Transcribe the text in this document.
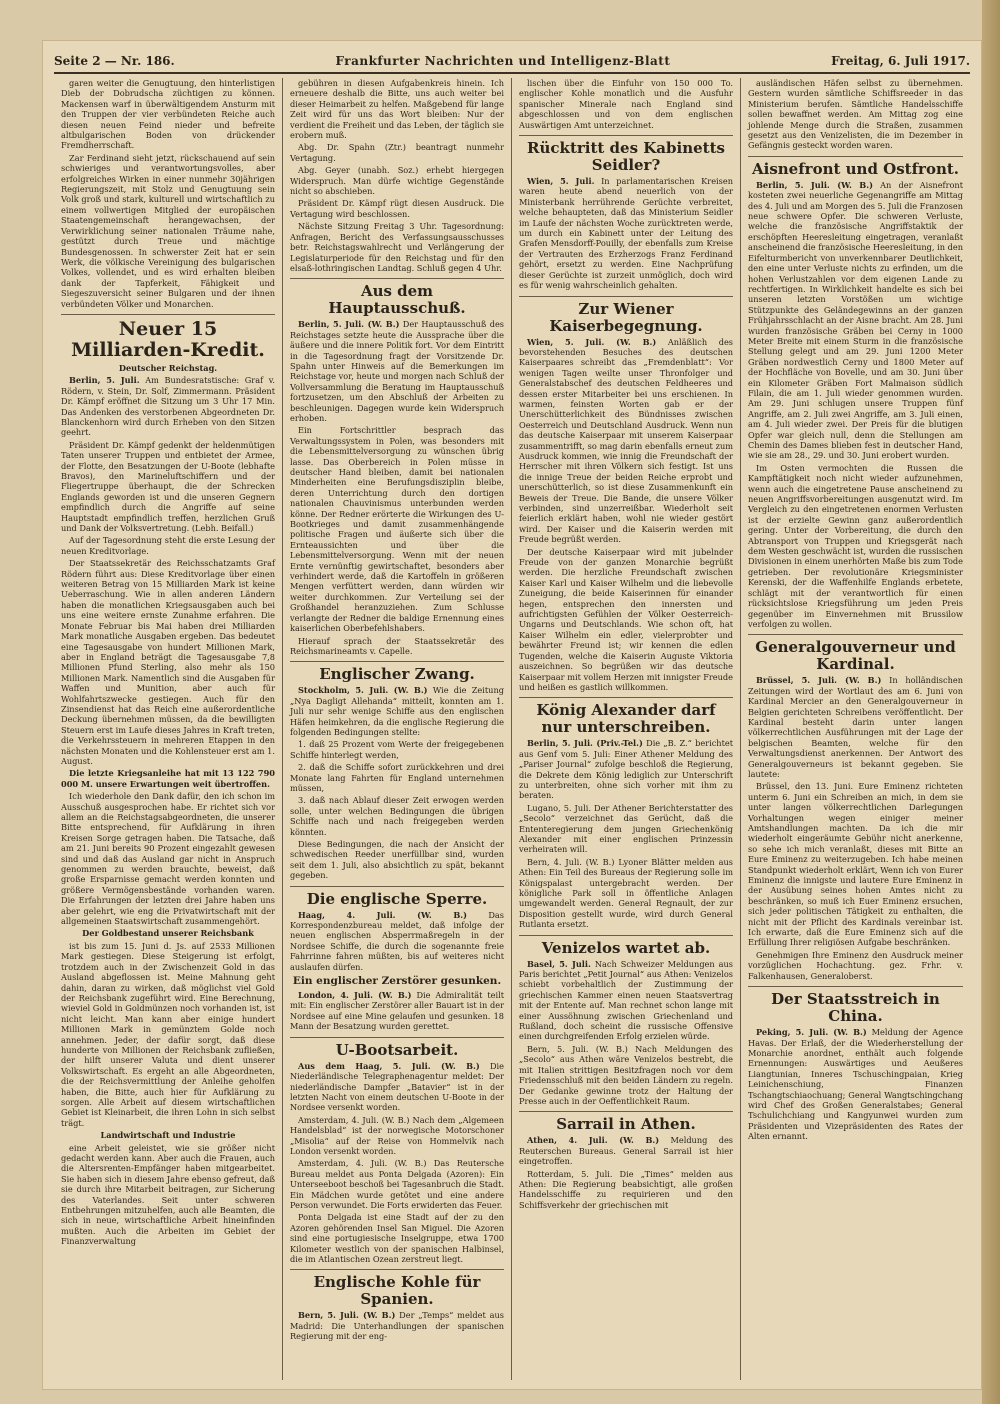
Seite 2 — Nr. 186.	Frankfurter Nachrichten und Intelligenz-Blatt	Freitag, 6. Juli 1917.

garen weiter die Genugtuung, den hinterlistigen Dieb der Dobrudscha züchtigen zu können. Mackensen warf in überwältigendem Ansturm mit den Truppen der vier verbündeten Reiche auch diesen neuen Feind nieder und befreite altbulgarischen Boden von drückender Fremdherrschaft.

Zar Ferdinand sieht jetzt, rückschauend auf sein schwieriges und verantwortungsvolles, aber erfolgreiches Wirken in einer nunmehr 30jährigen Regierungszeit, mit Stolz und Genugtuung sein Volk groß und stark, kulturell und wirtschaftlich zu einem vollwertigen Mitglied der europäischen Staatengemeinschaft herangewachsen, der Verwirklichung seiner nationalen Träume nahe, gestützt durch Treue und mächtige Bundesgenossen. In schwerster Zeit hat er sein Werk, die völkische Vereinigung des bulgarischen Volkes, vollendet, und es wird erhalten bleiben dank der Tapferkeit, Fähigkeit und Siegeszuversicht seiner Bulgaren und der ihnen verbündeten Völker und Monarchen.

Neuer 15 Milliarden-Kredit.
Deutscher Reichstag.

Berlin, 5. Juli. Am Bundesratstische: Graf v. Rödern, v. Stein, Dr. Solf, Zimmermann. Präsident Dr. Kämpf eröffnet die Sitzung um 3 Uhr 17 Min. Das Andenken des verstorbenen Abgeordneten Dr. Blanckenhorn wird durch Erheben von den Sitzen geehrt.

Präsident Dr. Kämpf gedenkt der heldenmütigen Taten unserer Truppen und entbietet der Armee, der Flotte, den Besatzungen der U-Boote (lebhafte Bravos), den Marineluftschiffern und der Fliegertruppe überhaupt, die der Schrecken Englands geworden ist und die unseren Gegnern empfindlich durch die Angriffe auf seine Hauptstadt empfindlich treffen, herzlichen Gruß und Dank der Volksvertretung. (Lebh. Beifall.)

Auf der Tagesordnung steht die erste Lesung der neuen Kreditvorlage.

Der Staatssekretär des Reichsschatzamts Graf Rödern führt aus: Diese Kreditvorlage über einen weiteren Betrag von 15 Milliarden Mark ist keine Ueberraschung. Wie in allen anderen Ländern haben die monatlichen Kriegsausgaben auch bei uns eine weitere ernste Zunahme erfahren. Die Monate Februar bis Mai haben drei Milliarden Mark monatliche Ausgaben ergeben. Das bedeutet eine Tagesausgabe von hundert Millionen Mark, aber in England beträgt die Tagesausgabe 7,8 Millionen Pfund Sterling, also mehr als 150 Millionen Mark. Namentlich sind die Ausgaben für Waffen und Munition, aber auch für Wohlfahrtszwecke gestiegen. Auch für den Zinsendienst hat das Reich eine außerordentliche Deckung übernehmen müssen, da die bewilligten Steuern erst im Laufe dieses Jahres in Kraft treten, die Verkehrssteuern in mehreren Etappen in den nächsten Monaten und die Kohlensteuer erst am 1. August.

Die letzte Kriegsanleihe hat mit 13 122 790 000 M. unsere Erwartungen weit übertroffen.

Ich wiederhole den Dank dafür, den ich schon im Ausschuß ausgesprochen habe. Er richtet sich vor allem an die Reichstagsabgeordneten, die unserer Bitte entsprechend, für Aufklärung in ihren Kreisen Sorge getragen haben. Die Tatsache, daß am 21. Juni bereits 90 Prozent eingezahlt gewesen sind und daß das Ausland gar nicht in Anspruch genommen zu werden brauchte, beweist, daß große Ersparnisse gemacht werden konnten und größere Vermögensbestände vorhanden waren. Die Erfahrungen der letzten drei Jahre haben uns aber gelehrt, wie eng die Privatwirtschaft mit der allgemeinen Staatswirtschaft zusammengehört.

Der Goldbestand unserer Reichsbank

ist bis zum 15. Juni d. Js. auf 2533 Millionen Mark gestiegen. Diese Steigerung ist erfolgt, trotzdem auch in der Zwischenzeit Gold in das Ausland abgeflossen ist. Meine Mahnung geht dahin, daran zu wirken, daß möglichst viel Gold der Reichsbank zugeführt wird. Eine Berechnung, wieviel Gold in Goldmünzen noch vorhanden ist, ist nicht leicht. Man kann aber einige hundert Millionen Mark in gemünztem Golde noch annehmen. Jeder, der dafür sorgt, daß diese hunderte von Millionen der Reichsbank zufließen, der hilft unserer Valuta und dient unserer Volkswirtschaft. Es ergeht an alle Abgeordneten, die der Reichsvermittlung der Anleihe geholfen haben, die Bitte, auch hier für Aufklärung zu sorgen. Alle Arbeit auf diesem wirtschaftlichen Gebiet ist Kleinarbeit, die ihren Lohn in sich selbst trägt.

Landwirtschaft und Industrie

eine Arbeit geleistet, wie sie größer nicht gedacht werden kann. Aber auch die Frauen, auch die Altersrenten-Empfänger haben mitgearbeitet. Sie haben sich in diesem Jahre ebenso gefreut, daß sie durch ihre Mitarbeit beitragen, zur Sicherung des Vaterlandes. Seit unter schweren Entbehrungen mitzuhelfen, auch alle Beamten, die sich in neue, wirtschaftliche Arbeit hineinfinden mußten. Auch die Arbeiten im Gebiet der Finanzverwaltung

gebühren in diesen Aufgabenkreis hinein. Ich erneuere deshalb die Bitte, uns auch weiter bei dieser Heimarbeit zu helfen. Maßgebend für lange Zeit wird für uns das Wort bleiben: Nur der verdient die Freiheit und das Leben, der täglich sie erobern muß.

Abg. Dr. Spahn (Ztr.) beantragt nunmehr Vertagung.

Abg. Geyer (unabh. Soz.) erhebt hiergegen Widerspruch. Man dürfe wichtige Gegenstände nicht so abschieben.

Präsident Dr. Kämpf rügt diesen Ausdruck. Die Vertagung wird beschlossen.

Nächste Sitzung Freitag 3 Uhr. Tagesordnung: Anfragen, Bericht des Verfassungsausschusses betr. Reichstagswahlrecht und Verlängerung der Legislaturperiode für den Reichstag und für den elsaß-lothringischen Landtag. Schluß gegen 4 Uhr.

Aus dem Hauptausschuß.

Berlin, 5. Juli. (W. B.) Der Hauptausschuß des Reichstages setzte heute die Aussprache über die äußere und die innere Politik fort. Vor dem Eintritt in die Tagesordnung fragt der Vorsitzende Dr. Spahn unter Hinweis auf die Bemerkungen im Reichstage vor, heute und morgen nach Schluß der Vollversammlung die Beratung im Hauptausschuß fortzusetzen, um den Abschluß der Arbeiten zu beschleunigen. Dagegen wurde kein Widerspruch erhoben.

Ein Fortschrittler besprach das Verwaltungssystem in Polen, was besonders mit die Lebensmittelversorgung zu wünschen übrig lasse. Das Oberbereich in Polen müsse in deutscher Hand bleiben, damit bei nationalen Minderheiten eine Berufungsdisziplin bleibe, deren Unterrichtung durch den dortigen nationalen Chauvinismus unterbunden werden könne. Der Redner erörterte die Wirkungen des U-Bootkrieges und damit zusammenhängende politische Fragen und äußerte sich über die Ernteaussichten und über die Lebensmittelversorgung. Wenn mit der neuen Ernte vernünftig gewirtschaftet, besonders aber verhindert werde, daß die Kartoffeln in größeren Mengen verfüttert werden, dann würden wir weiter durchkommen. Zur Verteilung sei der Großhandel heranzuziehen. Zum Schlusse verlangte der Redner die baldige Ernennung eines kaiserlichen Oberbefehlshabers.

Hierauf sprach der Staatssekretär des Reichsmarineamts v. Capelle.

Englischer Zwang.

Stockholm, 5. Juli. (W. B.) Wie die Zeitung „Nya Dagligt Allehanda“ mitteilt, konnten am 1. Juli nur sehr wenige Schiffe aus den englischen Häfen heimkehren, da die englische Regierung die folgenden Bedingungen stellte:

1. daß 25 Prozent vom Werte der freigegebenen Schiffe hinterlegt werden,

2. daß die Schiffe sofort zurückkehren und drei Monate lang Fahrten für England unternehmen müssen,

3. daß nach Ablauf dieser Zeit erwogen werden solle, unter welchen Bedingungen die übrigen Schiffe nach und nach freigegeben werden könnten.

Diese Bedingungen, die nach der Ansicht der schwedischen Reeder unerfüllbar sind, wurden seit dem 1. Juli, also absichtlich zu spät, bekannt gegeben.

Die englische Sperre.

Haag, 4. Juli. (W. B.)	Das Korrespondenzbureau meldet, daß infolge der neuen englischen Absperrmaßregeln in der Nordsee Schiffe, die durch die sogenannte freie Fahrrinne fahren müßten, bis auf weiteres nicht auslaufen dürfen.

Ein englischer Zerstörer gesunken.

London, 4. Juli. (W. B.) Die Admiralität teilt mit: Ein englischer Zerstörer aller Bauart ist in der Nordsee auf eine Mine gelaufen und gesunken. 18 Mann der Besatzung wurden gerettet.

U-Bootsarbeit.

Aus dem Haag, 5. Juli. (W. B.) Die Niederländische Telegraphenagentur meldet: Der niederländische Dampfer „Batavier“ ist in der letzten Nacht von einem deutschen U-Boote in der Nordsee versenkt worden.

Amsterdam, 4. Juli. (W. B.) Nach dem „Algemeen Handelsblad“ ist der norwegische Motorschoner „Misolia“ auf der Reise von Hommelvik nach London versenkt worden.

Amsterdam, 4. Juli. (W. B.) Das Reutersche Bureau meldet aus Ponta Delgada (Azoren): Ein Unterseeboot beschoß bei Tagesanbruch die Stadt. Ein Mädchen wurde getötet und eine andere Person verwundet. Die Forts erwiderten das Feuer.

Ponta Delgada ist eine Stadt auf der zu den Azoren gehörenden Insel San Miguel. Die Azoren sind eine portugiesische Inselgruppe, etwa 1700 Kilometer westlich von der spanischen Halbinsel, die im Atlantischen Ozean zerstreut liegt.

Englische Kohle für Spanien.

Bern, 5. Juli. (W. B.) Der „Temps“ meldet aus Madrid: Die Unterhandlungen der spanischen Regierung mit der eng-

lischen über die Einfuhr von 150 000 To. englischer Kohle monatlich und die Ausfuhr spanischer Minerale nach England sind abgeschlossen und von dem englischen Auswärtigen Amt unterzeichnet.

Rücktritt des Kabinetts Seidler?

Wien, 5. Juli. In parlamentarischen Kreisen waren heute abend neuerlich von der Ministerbank herrührende Gerüchte verbreitet, welche behaupteten, daß das Ministerium Seidler im Laufe der nächsten Woche zurücktreten werde, um durch ein Kabinett unter der Leitung des Grafen Mensdorff-Pouilly, der ebenfalls zum Kreise der Vertrauten des Erzherzogs Franz Ferdinand gehört, ersetzt zu werden. Eine Nachprüfung dieser Gerüchte ist zurzeit unmöglich, doch wird es für wenig wahrscheinlich gehalten.

Zur Wiener Kaiserbegegnung.

Wien, 5. Juli. (W. B.) Anläßlich des bevorstehenden Besuches des deutschen Kaiserpaares schreibt das „Fremdenblatt“: Vor wenigen Tagen weilte unser Thronfolger und Generalstabschef des deutschen Feldheeres und dessen erster Mitarbeiter bei uns erschienen. In warmen, feinsten Worten gab er der Unerschütterlichkeit des Bündnisses zwischen Oesterreich und Deutschland Ausdruck. Wenn nun das deutsche Kaiserpaar mit unserem Kaiserpaar zusammentrifft, so mag darin ebenfalls erneut zum Ausdruck kommen, wie innig die Freundschaft der Herrscher mit ihren Völkern sich festigt. Ist uns die innige Treue der beiden Reiche erprobt und unerschütterlich, so ist diese Zusammenkunft ein Beweis der Treue. Die Bande, die unsere Völker verbinden, sind unzerreißbar. Wiederholt seit feierlich erklärt haben, wohl nie wieder gestört wird. Der Kaiser und die Kaiserin werden mit Freude begrüßt werden.

Der deutsche Kaiserpaar wird mit jubelnder Freude von der ganzen Monarchie begrüßt werden. Die herzliche Freundschaft zwischen Kaiser Karl und Kaiser Wilhelm und die liebevolle Zuneigung, die beide Kaiserinnen für einander hegen, entsprechen den innersten und aufrichtigsten Gefühlen der Völker Oesterreich-Ungarns und Deutschlands. Wie schon oft, hat Kaiser Wilhelm ein edler, vielerprobter und bewährter Freund ist; wir kennen die edlen Tugenden, welche die Kaiserin Auguste Viktoria auszeichnen. So begrüßen wir das deutsche Kaiserpaar mit vollem Herzen mit innigster Freude und heißen es gastlich willkommen.

König Alexander darf nur unterschreiben.

Berlin, 5. Juli. (Priv.-Tel.) Die „B. Z.“ berichtet aus Genf vom 5. Juli: Einer Athener Meldung des „Pariser Journal“ zufolge beschloß die Regierung, die Dekrete dem König lediglich zur Unterschrift zu unterbreiten, ohne sich vorher mit ihm zu beraten.

Lugano, 5. Juli. Der Athener Berichterstatter des „Secolo“ verzeichnet das Gerücht, daß die Ententeregierung dem jungen Griechenkönig Alexander mit einer englischen Prinzessin verheiraten will.

Bern, 4. Juli. (W. B.) Lyoner Blätter melden aus Athen: Ein Teil des Bureaus der Regierung solle im Königspalast untergebracht werden. Der königliche Park soll in öffentliche Anlagen umgewandelt werden. General Regnault, der zur Disposition gestellt wurde, wird durch General Rutlanta ersetzt.

Venizelos wartet ab.

Basel, 5. Juli. Nach Schweizer Meldungen aus Paris berichtet „Petit Journal“ aus Athen: Venizelos schiebt vorbehaltlich der Zustimmung der griechischen Kammer einen neuen Staatsvertrag mit der Entente auf. Man rechnet schon lange mit einer Aussöhnung zwischen Griechenland und Rußland, doch scheint die russische Offensive einen durchgreifenden Erfolg erzielen würde.

Bern, 5. Juli. (W. B.) Nach Meldungen des „Secolo“ aus Athen wäre Venizelos bestrebt, die mit Italien strittigen Besitzfragen noch vor dem Friedensschluß mit den beiden Ländern zu regeln. Der Gedanke gewinne trotz der Haltung der Presse auch in der Oeffentlichkeit Raum.

Sarrail in Athen.

Athen, 4. Juli. (W. B.) Meldung des Reuterschen Bureaus. General Sarrail ist hier eingetroffen.

Rotterdam, 5. Juli. Die „Times“ melden aus Athen: Die Regierung beabsichtigt, alle großen Handelsschiffe zu requirieren und den Schiffsverkehr der griechischen mit

ausländischen Häfen selbst zu übernehmen. Gestern wurden sämtliche Schiffsreeder in das Ministerium berufen. Sämtliche Handelsschiffe sollen bewaffnet werden. Am Mittag zog eine johlende Menge durch die Straßen, zusammen gesetzt aus den Venizelisten, die im Dezember in Gefängnis gesteckt worden waren.

Aisnefront und Ostfront.

Berlin, 5. Juli. (W. B.) An der Aisnefront kosteten zwei neuerliche Gegenangriffe am Mittag des 4. Juli und am Morgen des 5. Juli die Franzosen neue schwere Opfer. Die schweren Verluste, welche die französische Angriffstaktik der erschöpften Heeresleitung eingetragen, veranlaßt anscheinend die französische Heeresleitung, in den Eifelturmbericht von unverkennbarer Deutlichkeit, den eine unter Verluste nichts zu erfinden, um die hohen Verlustzahlen vor dem eigenen Lande zu rechtfertigen. In Wirklichkeit handelte es sich bei unseren letzten Vorstößen um wichtige Stützpunkte des Geländegewinns an der ganzen Frühjahrsschlacht an der Aisne bracht. Am 28. Juni wurden französische Gräben bei Cerny in 1000 Meter Breite mit einem Sturm in die französische Stellung gelegt und am 29. Juni 1200 Meter Gräben nordwestlich Cerny und 1800 Meter auf der Hochfläche von Bovelle, und am 30. Juni über ein Kilometer Gräben Fort Malmaison südlich Filain, die am 1. Juli wieder genommen wurden. Am 29. Juni schlugen unsere Truppen fünf Angriffe, am 2. Juli zwei Angriffe, am 3. Juli einen, am 4. Juli wieder zwei. Der Preis für die blutigen Opfer war gleich null, denn die Stellungen am Chemin des Dames blieben fest in deutscher Hand, wie sie am 28., 29. und 30. Juni erobert wurden.

Im Osten vermochten die Russen die Kampftätigkeit noch nicht wieder aufzunehmen, wenn auch die eingetretene Pause anscheinend zu neuen Angriffsvorbereitungen ausgenutzt wird. Im Vergleich zu den eingetretenen enormen Verlusten ist der erzielte Gewinn ganz außerordentlich gering. Unter der Vorbereitung, die durch den Abtransport von Truppen und Kriegsgerät nach dem Westen geschwächt ist, wurden die russischen Divisionen in einem unerhörten Maße bis zum Tode getrieben. Der revolutionäre Kriegsminister Kerenski, der die Waffenhilfe Englands erbetete, schlägt mit der verantwortlich für einen rücksichtslose Kriegsführung um jeden Preis gegenüber im Einvernehmen mit Brussilow verfolgen zu wollen.

Generalgouverneur und Kardinal.

Brüssel, 5. Juli. (W. B.) In holländischen Zeitungen wird der Wortlaut des am 6. Juni von Kardinal Mercier an den Generalgouverneur in Belgien gerichteten Schreibens veröffentlicht. Der Kardinal besteht darin unter langen völkerrechtlichen Ausführungen mit der Lage der belgischen Beamten, welche für den Verwaltungsdienst anerkennen. Der Antwort des Generalgouverneurs ist bekannt gegeben. Sie lautete:

Brüssel, den 13. Juni. Eure Eminenz richteten unterm 6. Juni ein Schreiben an mich, in dem sie unter langen völkerrechtlichen Darlegungen Vorhaltungen wegen einiger meiner Amtshandlungen machten. Da ich die mir wiederholt eingeräumte Gebühr nicht anerkenne, so sehe ich mich veranlaßt, dieses mit Bitte an Eure Eminenz zu weiterzugeben. Ich habe meinen Standpunkt wiederholt erklärt, Wenn ich von Eurer Eminenz die innigste und lautere Eure Eminenz in der Ausübung seines hohen Amtes nicht zu beschränken, so muß ich Euer Eminenz ersuchen, sich jeder politischen Tätigkeit zu enthalten, die nicht mit der Pflicht des Kardinals vereinbar ist. Ich erwarte, daß die Eure Eminenz sich auf die Erfüllung Ihrer religiösen Aufgabe beschränken.

Genehmigen Ihre Eminenz den Ausdruck meiner vorzüglichen Hochachtung. gez. Frhr. v. Falkenhausen, Generaloberst.

Der Staatsstreich in China.

Peking, 5. Juli. (W. B.) Meldung der Agence Havas. Der Erlaß, der die Wiederherstellung der Monarchie anordnet, enthält auch folgende Ernennungen: Auswärtiges und Aeußeres Liangtunian, Inneres Tschuschingpaian, Krieg Leinichenschiung, Finanzen Tschangtschiaochuang; General Wangtschingchang wird Chef des Großen Generalstabes; General Tschulichchiang und Kangyunwei wurden zum Präsidenten und Vizepräsidenten des Rates der Alten ernannt.
